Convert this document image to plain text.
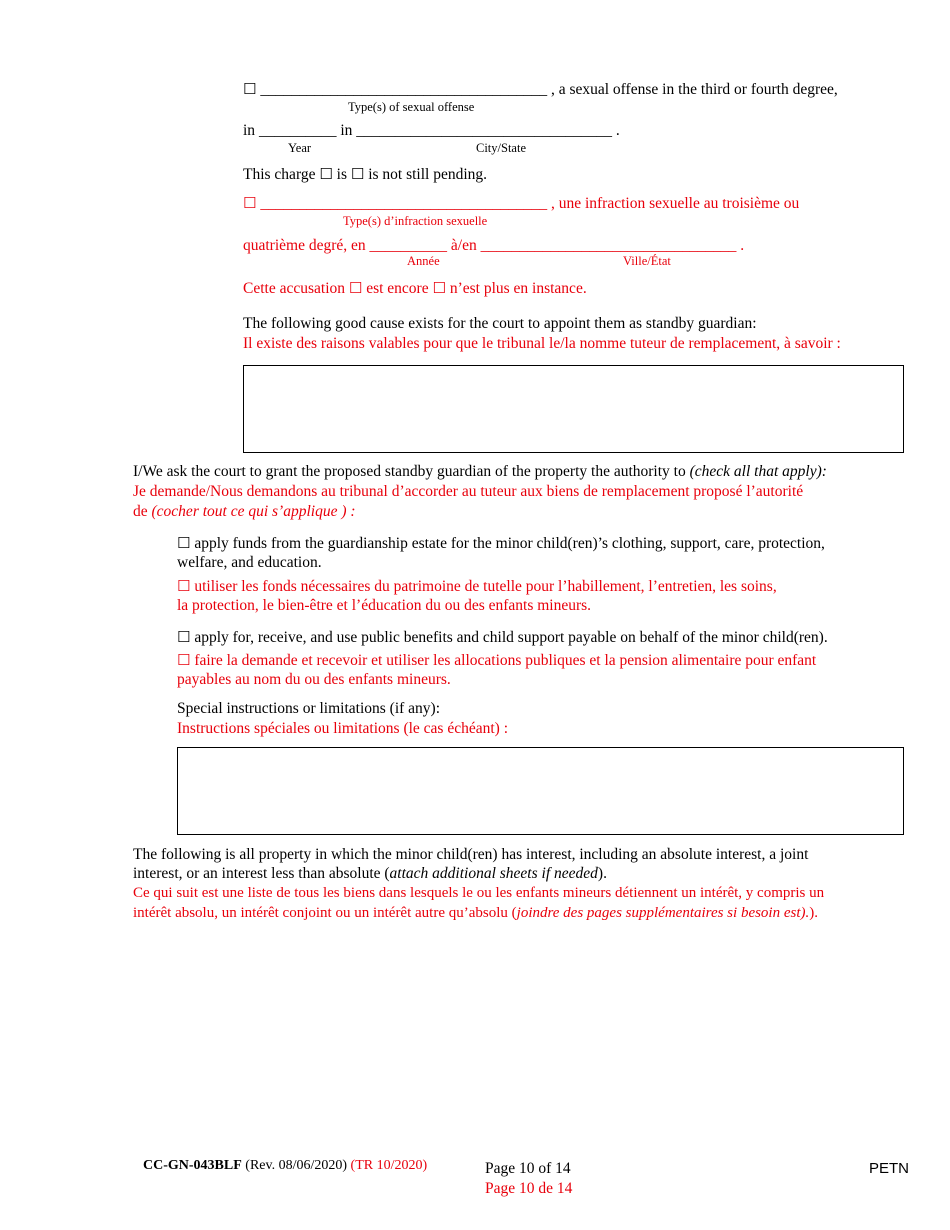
☐ _____________________________________ , a sexual offense in the third or fourth degree,
Type(s) of sexual offense
in __________ in _________________________________ .
Year	City/State
This charge ☐ is ☐ is not still pending.
☐ _____________________________________ , une infraction sexuelle au troisième ou
Type(s) d’infraction sexuelle
quatrième degré, en __________ à/en _________________________________ .
Année	Ville/État
Cette accusation ☐ est encore ☐ n’est plus en instance.
The following good cause exists for the court to appoint them as standby guardian:
Il existe des raisons valables pour que le tribunal le/la nomme tuteur de remplacement, à savoir :
I/We ask the court to grant the proposed standby guardian of the property the authority to (check all that apply):
Je demande/Nous demandons au tribunal d’accorder au tuteur aux biens de remplacement proposé l’autorité
de (cocher tout ce qui s’applique ) :
☐ apply funds from the guardianship estate for the minor child(ren)’s clothing, support, care, protection,
welfare, and education.
☐ utiliser les fonds nécessaires du patrimoine de tutelle pour l’habillement, l’entretien, les soins,
la protection, le bien-être et l’éducation du ou des enfants mineurs.
☐ apply for, receive, and use public benefits and child support payable on behalf of the minor child(ren).
☐ faire la demande et recevoir et utiliser les allocations publiques et la pension alimentaire pour enfant
payables au nom du ou des enfants mineurs.
Special instructions or limitations (if any):
Instructions spéciales ou limitations (le cas échéant) :
The following is all property in which the minor child(ren) has interest, including an absolute interest, a joint
interest, or an interest less than absolute (attach additional sheets if needed).
Ce qui suit est une liste de tous les biens dans lesquels le ou les enfants mineurs détiennent un intérêt, y compris un
intérêt absolu, un intérêt conjoint ou un intérêt autre qu’absolu (joindre des pages supplémentaires si besoin est).).
CC-GN-043BLF (Rev. 08/06/2020) (TR 10/2020)	Page 10 of 14
Page 10 de 14
PETN
